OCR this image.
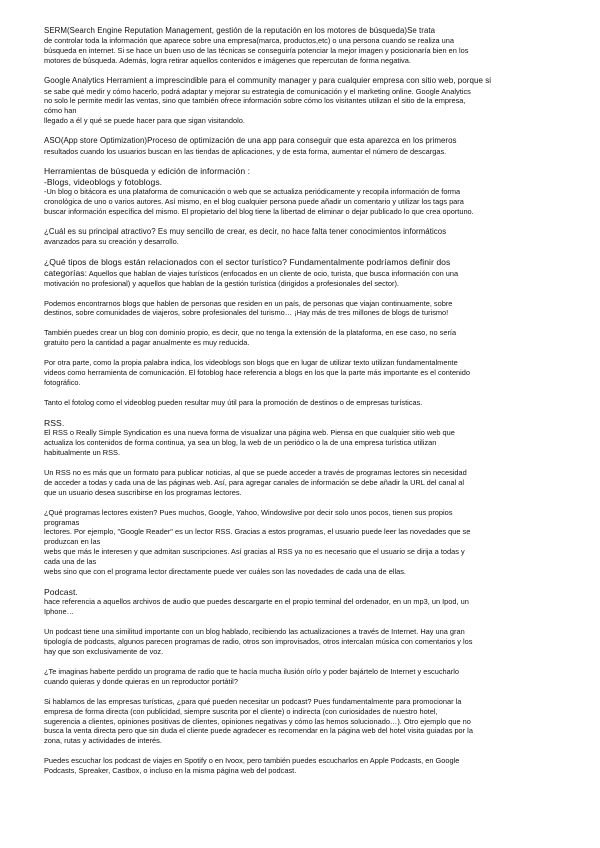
SERM(Search Engine Reputation Management, gestión de la reputación en los motores de búsqueda)Se trata

de controlar toda la información que aparece sobre una empresa(marca, productos,etc) o una persona cuando se realiza una

búsqueda en internet. Si se hace un buen uso de las técnicas se conseguiría potenciar la mejor imagen y posicionaría bien en los

motores de búsqueda. Además, logra retirar aquellos contenidos e imágenes que repercutan de forma negativa.

Google Analytics Herramient a imprescindible para el community manager y para cualquier empresa con sitio web, porque si

se sabe qué medir y cómo hacerlo, podrá adaptar y mejorar su estrategia de comunicación y el marketing online. Google Analytics

no solo le permite medir las ventas, sino que también ofrece información sobre cómo los visitantes utilizan el sitio de la empresa,

cómo han

llegado a él y qué se puede hacer para que sigan visitandolo.

ASO(App store Optimization)Proceso de optimización de una app para conseguir que esta aparezca en los primeros

resultados cuando los usuarios buscan en las tiendas de aplicaciones, y de esta forma, aumentar el número de descargas.

Herramientas de búsqueda y edición de información :

-Blogs, videoblogs y fotoblogs.

-Un blog o bitácora es una plataforma de comunicación o web que se actualiza periódicamente y recopila información de forma

cronológica de uno o varios autores. Así mismo, en el blog cualquier persona puede añadir un comentario y utilizar los tags para

buscar información específica del mismo. El propietario del blog tiene la libertad de eliminar o dejar publicado lo que crea oportuno.

¿Cuál es su principal atractivo? Es muy sencillo de crear, es decir, no hace falta tener conocimientos informáticos

avanzados para su creación y desarrollo.

¿Qué tipos de blogs están relacionados con el sector turístico? Fundamentalmente podríamos definir dos

categorías: Aquellos que hablan de viajes turísticos (enfocados en un cliente de ocio, turista, que busca información con una

motivación no profesional) y aquellos que hablan de la gestión turística (dirigidos a profesionales del sector).

Podemos encontrarnos blogs que hablen de personas que residen en un país, de personas que viajan continuamente, sobre

destinos, sobre comunidades de viajeros, sobre profesionales del turismo… ¡Hay más de tres millones de blogs de turismo!

También puedes crear un blog con dominio propio, es decir, que no tenga la extensión de la plataforma, en ese caso, no sería

gratuito pero la cantidad a pagar anualmente es muy reducida.

Por otra parte, como la propia palabra indica, los videoblogs son blogs que en lugar de utilizar texto utilizan fundamentalmente

videos como herramienta de comunicación. El fotoblog hace referencia a blogs en los que la parte más importante es el contenido

fotográfico.

Tanto el fotolog como el videoblog pueden resultar muy útil para la promoción de destinos o de empresas turísticas.

RSS.

El RSS o Really Simple Syndication es una nueva forma de visualizar una página web. Piensa en que cualquier sitio web que

actualiza los contenidos de forma continua, ya sea un blog, la web de un periódico o la de una empresa turística utilizan

habitualmente un RSS.

Un RSS no es más que un formato para publicar noticias, al que se puede acceder a través de programas lectores sin necesidad

de acceder a todas y cada una de las páginas web. Así, para agregar canales de información se debe añadir la URL del canal al

que un usuario desea suscribirse en los programas lectores.

¿Qué programas lectores existen? Pues muchos, Google, Yahoo, Windowslive por decir solo unos pocos, tienen sus propios

programas

lectores. Por ejemplo, "Google Reader" es un lector RSS. Gracias a estos programas, el usuario puede leer las novedades que se

produzcan en las

webs que más le interesen y que admitan suscripciones. Así gracias al RSS ya no es necesario que el usuario se dirija a todas y

cada una de las

webs sino que con el programa lector directamente puede ver cuáles son las novedades de cada una de ellas.

Podcast.

hace referencia a aquellos archivos de audio que puedes descargarte en el propio terminal del ordenador, en un mp3, un Ipod, un

Iphone…

Un podcast tiene una similitud importante con un blog hablado, recibiendo las actualizaciones a través de Internet. Hay una gran

tipología de podcasts, algunos parecen programas de radio, otros son improvisados, otros intercalan música con comentarios y los

hay que son exclusivamente de voz.

¿Te imaginas haberte perdido un programa de radio que te hacía mucha ilusión oírlo y poder bajártelo de Internet y escucharlo

cuando quieras y donde quieras en un reproductor portátil?

Si hablamos de las empresas turísticas, ¿para qué pueden necesitar un podcast? Pues fundamentalmente para promocionar la

empresa de forma directa (con publicidad, siempre suscrita por el cliente) o indirecta (con curiosidades de nuestro hotel,

sugerencia a clientes, opiniones positivas de clientes, opiniones negativas y cómo las hemos solucionado…). Otro ejemplo que no

busca la venta directa pero que sin duda el cliente puede agradecer es recomendar en la página web del hotel visita guiadas por la

zona, rutas y actividades de interés.

Puedes escuchar los podcast de viajes en Spotify o en Ivoox, pero también puedes escucharlos en Apple Podcasts, en Google

Podcasts, Spreaker, Castbox, o incluso en la misma página web del podcast.
